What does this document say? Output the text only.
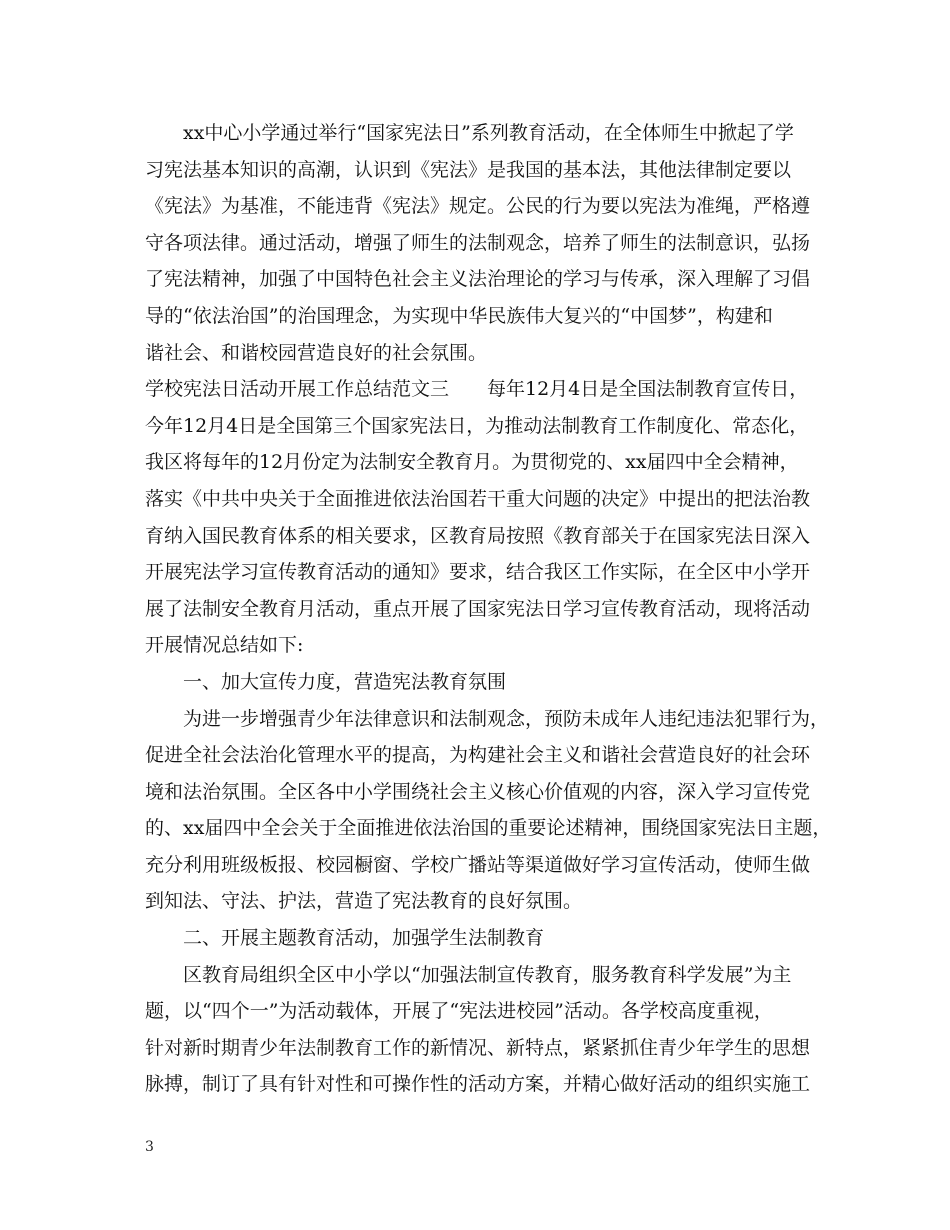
xx中心小学通过举行“国家宪法日”系列教育活动，在全体师生中掀起了学
习宪法基本知识的高潮，认识到《宪法》是我国的基本法，其他法律制定要以
《宪法》为基准，不能违背《宪法》规定。公民的行为要以宪法为准绳，严格遵
守各项法律。通过活动，增强了师生的法制观念，培养了师生的法制意识，弘扬
了宪法精神，加强了中国特色社会主义法治理论的学习与传承，深入理解了习倡
导的“依法治国”的治国理念，为实现中华民族伟大复兴的“中国梦”，构建和
谐社会、和谐校园营造良好的社会氛围。
学校宪法日活动开展工作总结范文三　　每年12月4日是全国法制教育宣传日，
今年12月4日是全国第三个国家宪法日，为推动法制教育工作制度化、常态化，
我区将每年的12月份定为法制安全教育月。为贯彻党的、xx届四中全会精神，
落实《中共中央关于全面推进依法治国若干重大问题的决定》中提出的把法治教
育纳入国民教育体系的相关要求，区教育局按照《教育部关于在国家宪法日深入
开展宪法学习宣传教育活动的通知》要求，结合我区工作实际，在全区中小学开
展了法制安全教育月活动，重点开展了国家宪法日学习宣传教育活动，现将活动
开展情况总结如下:
一、加大宣传力度，营造宪法教育氛围
为进一步增强青少年法律意识和法制观念，预防未成年人违纪违法犯罪行为，
促进全社会法治化管理水平的提高，为构建社会主义和谐社会营造良好的社会环
境和法治氛围。全区各中小学围绕社会主义核心价值观的内容，深入学习宣传党
的、xx届四中全会关于全面推进依法治国的重要论述精神，围绕国家宪法日主题，
充分利用班级板报、校园橱窗、学校广播站等渠道做好学习宣传活动，使师生做
到知法、守法、护法，营造了宪法教育的良好氛围。
二、开展主题教育活动，加强学生法制教育
区教育局组织全区中小学以“加强法制宣传教育，服务教育科学发展”为主
题，以“四个一”为活动载体，开展了“宪法进校园”活动。各学校高度重视，
针对新时期青少年法制教育工作的新情况、新特点，紧紧抓住青少年学生的思想
脉搏，制订了具有针对性和可操作性的活动方案，并精心做好活动的组织实施工
3
